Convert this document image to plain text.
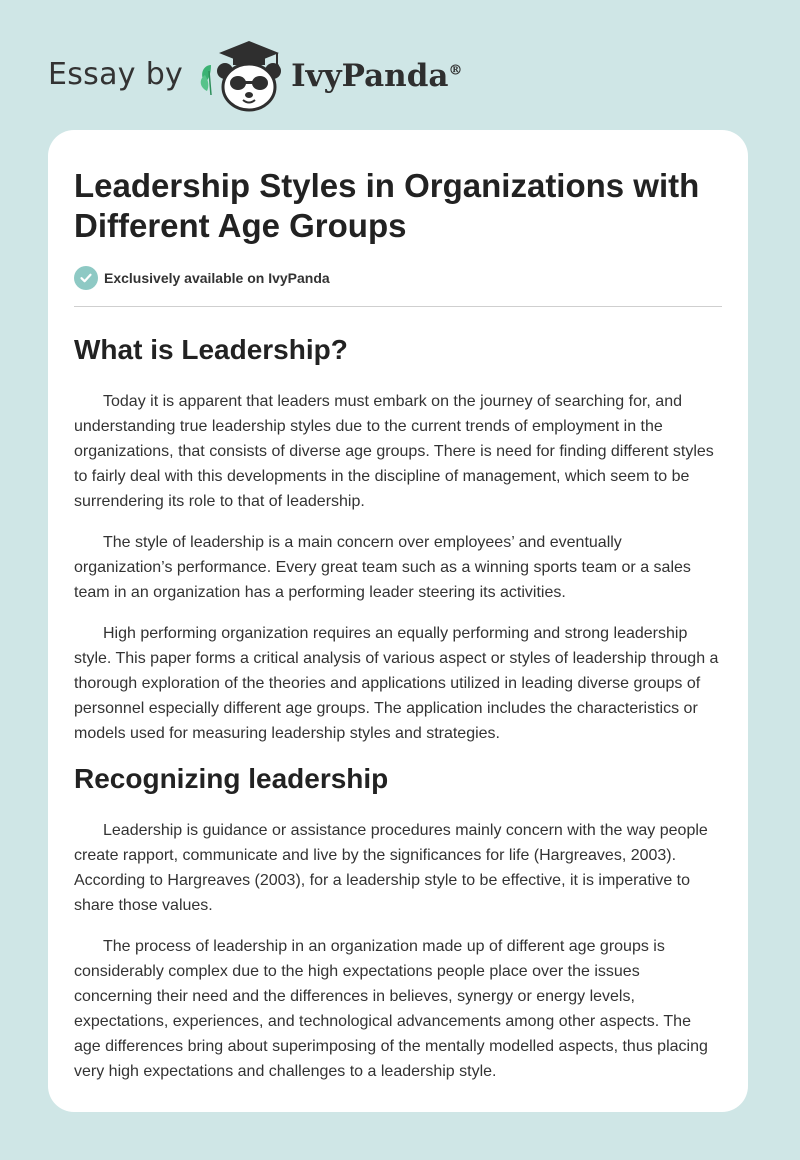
Essay by	IvyPanda®
Leadership Styles in Organizations with Different Age Groups
Exclusively available on IvyPanda
What is Leadership?

Today it is apparent that leaders must embark on the journey of searching for, and understanding true leadership styles due to the current trends of employment in the organizations, that consists of diverse age groups. There is need for finding different styles to fairly deal with this developments in the discipline of management, which seem to be surrendering its role to that of leadership.

The style of leadership is a main concern over employees’ and eventually organization’s performance. Every great team such as a winning sports team or a sales team in an organization has a performing leader steering its activities.

High performing organization requires an equally performing and strong leadership style. This paper forms a critical analysis of various aspect or styles of leadership through a thorough exploration of the theories and applications utilized in leading diverse groups of personnel especially different age groups. The application includes the characteristics or models used for measuring leadership styles and strategies.

Recognizing leadership

Leadership is guidance or assistance procedures mainly concern with the way people create rapport, communicate and live by the significances for life (Hargreaves, 2003). According to Hargreaves (2003), for a leadership style to be effective, it is imperative to share those values.

The process of leadership in an organization made up of different age groups is considerably complex due to the high expectations people place over the issues concerning their need and the differences in believes, synergy or energy levels, expectations, experiences, and technological advancements among other aspects. The age differences bring about superimposing of the mentally modelled aspects, thus placing very high expectations and challenges to a leadership style.
